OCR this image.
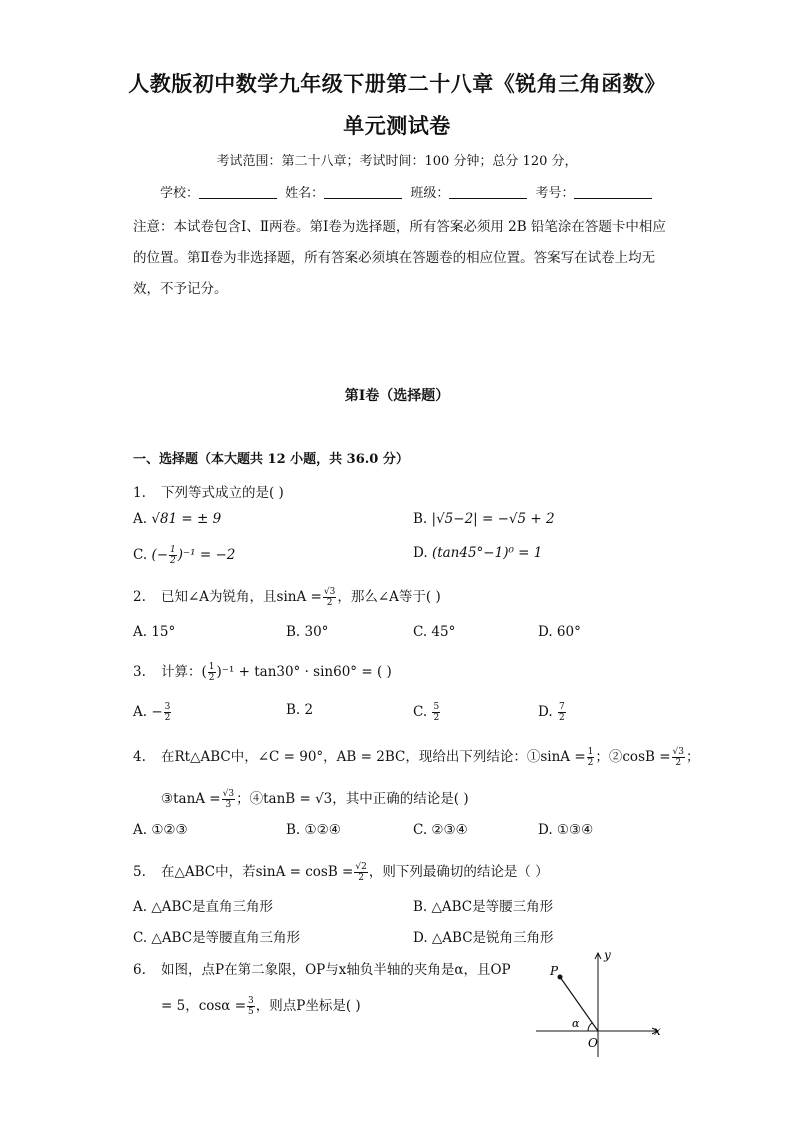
人教版初中数学九年级下册第二十八章《锐角三角函数》
单元测试卷
考试范围：第二十八章；考试时间：100 分钟；总分 120 分，
学校：	姓名：	班级：	考号：
注意：本试卷包含Ⅰ、Ⅱ两卷。第Ⅰ卷为选择题，所有答案必须用 2B 铅笔涂在答题卡中相应的位置。第Ⅱ卷为非选择题，所有答案必须填在答题卷的相应位置。答案写在试卷上均无效，不予记分。
第Ⅰ卷（选择题）
一、选择题（本大题共 12 小题，共 36.0 分）
1. 下列等式成立的是( )
A. √81 = ± 9	B. |√5−2| = −√5 + 2
C. (− $\frac{1}{2} )^{-1} = -2$	D. (tan45°−1)⁰ = 1
2. 已知∠A为锐角，且$\sin A = \frac{√3}{2}$ ，那么∠A等于( )
A. 15°	B. 30°	C. 45°	D. 60°
3. 计算：( $\frac{1}{2} )^{-1} + \tan 30^\circ \cdot \sin 60^\circ$ = ( )
A. − $\frac{3}{2}$	B. 2	C. $\frac{5}{2}$	D. $\frac{7}{2}$
4. 在Rt△ABC中，∠C = 90°，AB = 2BC，现给出下列结论：①sinA = $\frac{1}{2}$ ；②cosB = $\frac{√3}{2}$ ；
③tanA = $\frac{√3}{3}$ ；④tanB = √3，其中正确的结论是( )
A. ①②③	B. ①②④	C. ②③④	D. ①③④
5. 在△ABC中，若$\sin A = \cos B = \frac{√2}{2}$ ，则下列最确切的结论是（ ）
A. △ABC是直角三角形	B. △ABC是等腰三角形
C. △ABC是等腰直角三角形	D. △ABC是锐角三角形
6. 如图，点P在第二象限，OP与x轴负半轴的夹角是α，且OP
= 5，$\cos\alpha = \frac{3}{5}$ ，则点P坐标是( )
P
y
x
O
α
